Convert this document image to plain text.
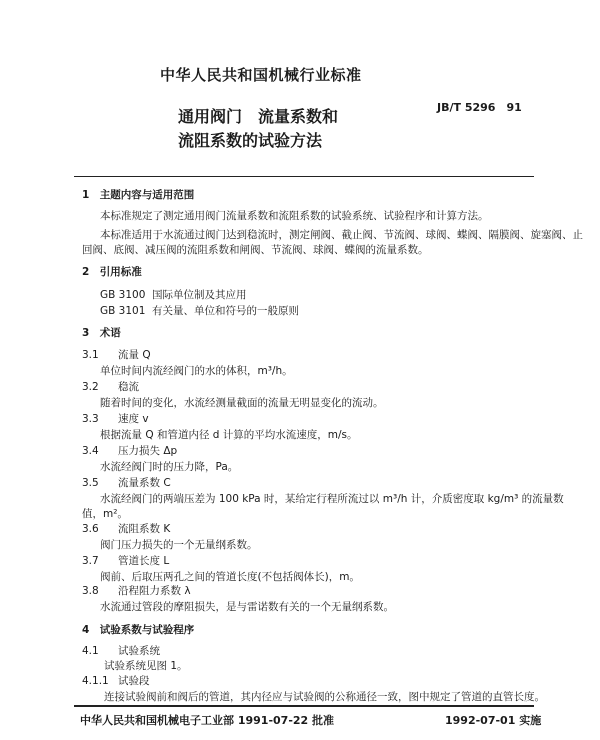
中华人民共和国机械行业标准
通用阀门　流量系数和
流阻系数的试验方法
JB/T 5296　91
1　主题内容与适用范围
本标准规定了测定通用阀门流量系数和流阻系数的试验系统、试验程序和计算方法。
本标准适用于水流通过阀门达到稳流时，测定闸阀、截止阀、节流阀、球阀、蝶阀、隔膜阀、旋塞阀、止
回阀、底阀、减压阀的流阻系数和闸阀、节流阀、球阀、蝶阀的流量系数。
2　引用标准
GB 3100 国际单位制及其应用
GB 3101 有关量、单位和符号的一般原则
3　术语
3.1 流量 Q
单位时间内流经阀门的水的体积，m³/h。
3.2 稳流
随着时间的变化，水流经测量截面的流量无明显变化的流动。
3.3 速度 v
根据流量 Q 和管道内径 d 计算的平均水流速度，m/s。
3.4 压力损失 Δp
水流经阀门时的压力降，Pa。
3.5 流量系数 C
水流经阀门的两端压差为 100 kPa 时，某给定行程所流过以 m³/h 计，介质密度取 kg/m³ 的流量数
值，m²。
3.6 流阻系数 K
阀门压力损失的一个无量纲系数。
3.7 管道长度 L
阀前、后取压两孔之间的管道长度(不包括阀体长)，m。
3.8 沿程阻力系数 λ
水流通过管段的摩阻损失，是与雷诺数有关的一个无量纲系数。
4　试验系数与试验程序
4.1 试验系统
试验系统见图 1。
4.1.1 试验段
连接试验阀前和阀后的管道，其内径应与试验阀的公称通径一致，图中规定了管道的直管长度。
中华人民共和国机械电子工业部 1991-07-22 批准	1992-07-01 实施
